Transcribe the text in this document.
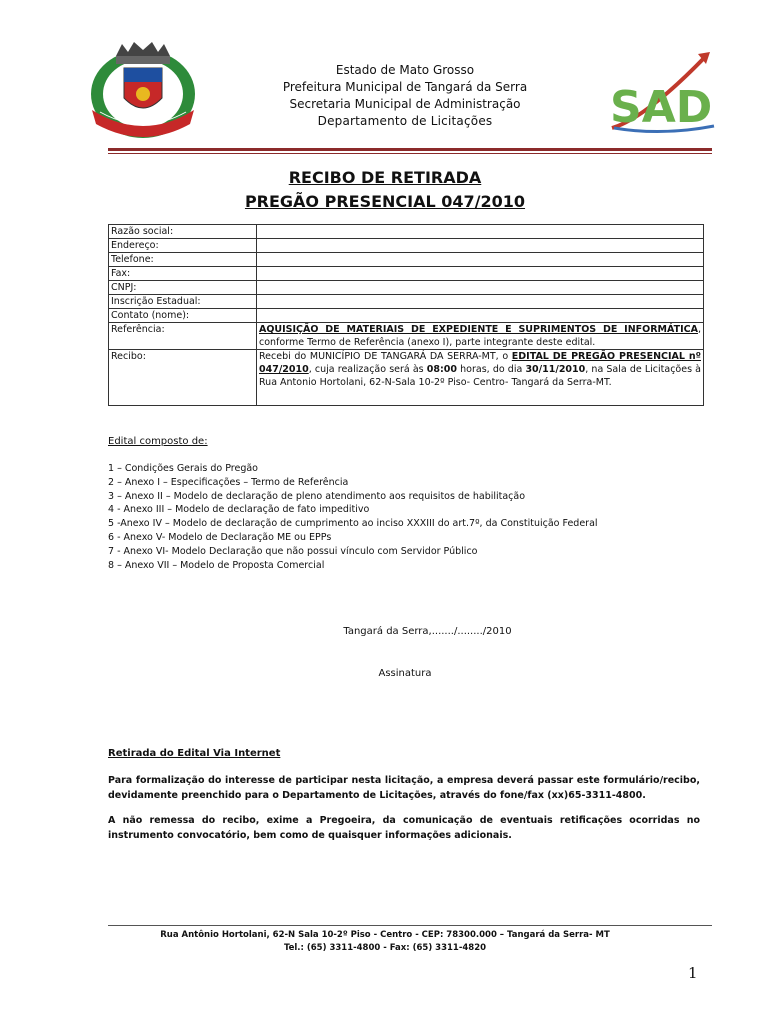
SAD
Estado de Mato Grosso
Prefeitura Municipal de Tangará da Serra
Secretaria Municipal de Administração
Departamento de Licitações
RECIBO DE RETIRADA
PREGÃO PRESENCIAL 047/2010
Razão social:	
Endereço:	
Telefone:	
Fax:	
CNPJ:	
Inscrição Estadual:	
Contato (nome):	
Referência:	AQUISIÇÃO DE MATERIAIS DE EXPEDIENTE E SUPRIMENTOS DE INFORMÁTICA, conforme Termo de Referência (anexo I), parte integrante deste edital.
Recibo:	Recebi do MUNICÍPIO DE TANGARÁ DA SERRA-MT, o EDITAL DE PREGÃO PRESENCIAL nº 047/2010, cuja realização será às 08:00 horas, do dia 30/11/2010, na Sala de Licitações à Rua Antonio Hortolani, 62-N-Sala 10-2º Piso- Centro- Tangará da Serra-MT.
Edital composto de:
1 – Condições Gerais do Pregão
2 – Anexo I – Especificações – Termo de Referência
3 – Anexo II – Modelo de declaração de pleno atendimento aos requisitos de habilitação
4 - Anexo III – Modelo de declaração de fato impeditivo
5 -Anexo IV – Modelo de declaração de cumprimento ao inciso XXXIII do art.7º, da Constituição Federal
6 - Anexo V- Modelo de Declaração ME ou EPPs
7 - Anexo VI- Modelo Declaração que não possui vínculo com Servidor Público
8 – Anexo VII – Modelo de Proposta Comercial
Tangará da Serra,......./......../2010
Assinatura
Retirada do Edital Via Internet
Para formalização do interesse de participar nesta licitação, a empresa deverá passar este formulário/recibo, devidamente preenchido para o Departamento de Licitações, através do fone/fax (xx)65-3311-4800.
A não remessa do recibo, exime a Pregoeira, da comunicação de eventuais retificações ocorridas no instrumento convocatório, bem como de quaisquer informações adicionais.
Rua Antônio Hortolani, 62-N Sala 10-2º Piso - Centro - CEP: 78300.000 – Tangará da Serra- MT
Tel.: (65) 3311-4800 - Fax: (65) 3311-4820
1
